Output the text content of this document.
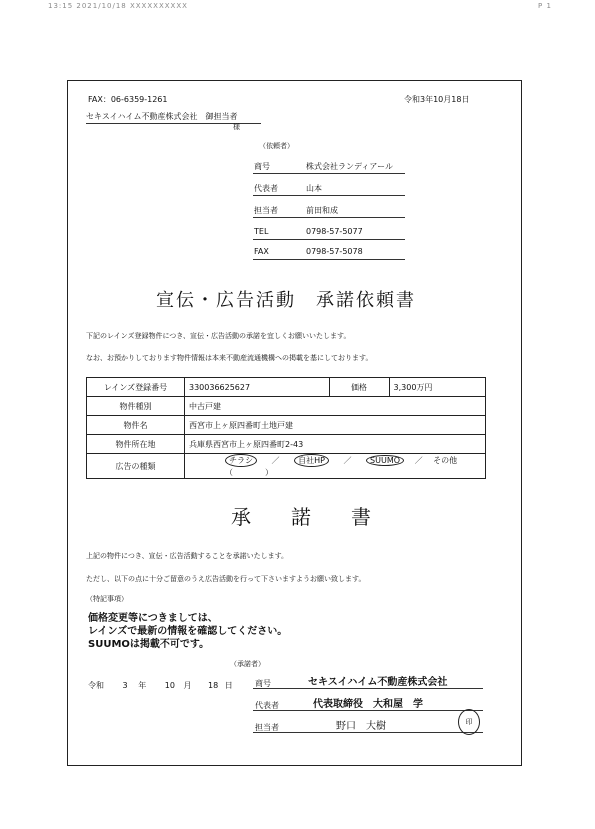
13:15 2021/10/18 XXXXXXXXXX	P 1
FAX：06-6359-1261	令和3年10月18日
セキスイハイム不動産株式会社　御担当者
様
（依頼者）
商号	株式会社ランディアール
代表者	山本　　
担当者	前田和成
TEL	0798-57-5077
FAX	0798-57-5078
宣伝・広告活動　承諾依頼書
下記のレインズ登録物件につき、宣伝・広告活動の承諾を宜しくお願いいたします。
なお、お預かりしております物件情報は本来不動産流通機構への掲載を基にしております。
レインズ登録番号	330036625627	価格	3,300万円
物件種別	中古戸建		
物件名	西宮市上ヶ原四番町土地戸建		
物件所在地	兵庫県西宮市上ヶ原四番町2-43		
広告の種類	チラシ ／ 自社HP ／ SUUMO ／ その他（　　　　）		
承　　諾　　書
上記の物件につき、宣伝・広告活動することを承諾いたします。
ただし、以下の点に十分ご留意のうえ広告活動を行って下さいますようお願い致します。
（特記事項）
価格変更等につきましては、
レインズで最新の情報を確認してください。
SUUMOは掲載不可です。
（承諾者）
令和 3 年 10 月 18 日	商号	セキスイハイム不動産株式会社
代表者	代表取締役　大和屋　学
担当者	野口　大樹	印
